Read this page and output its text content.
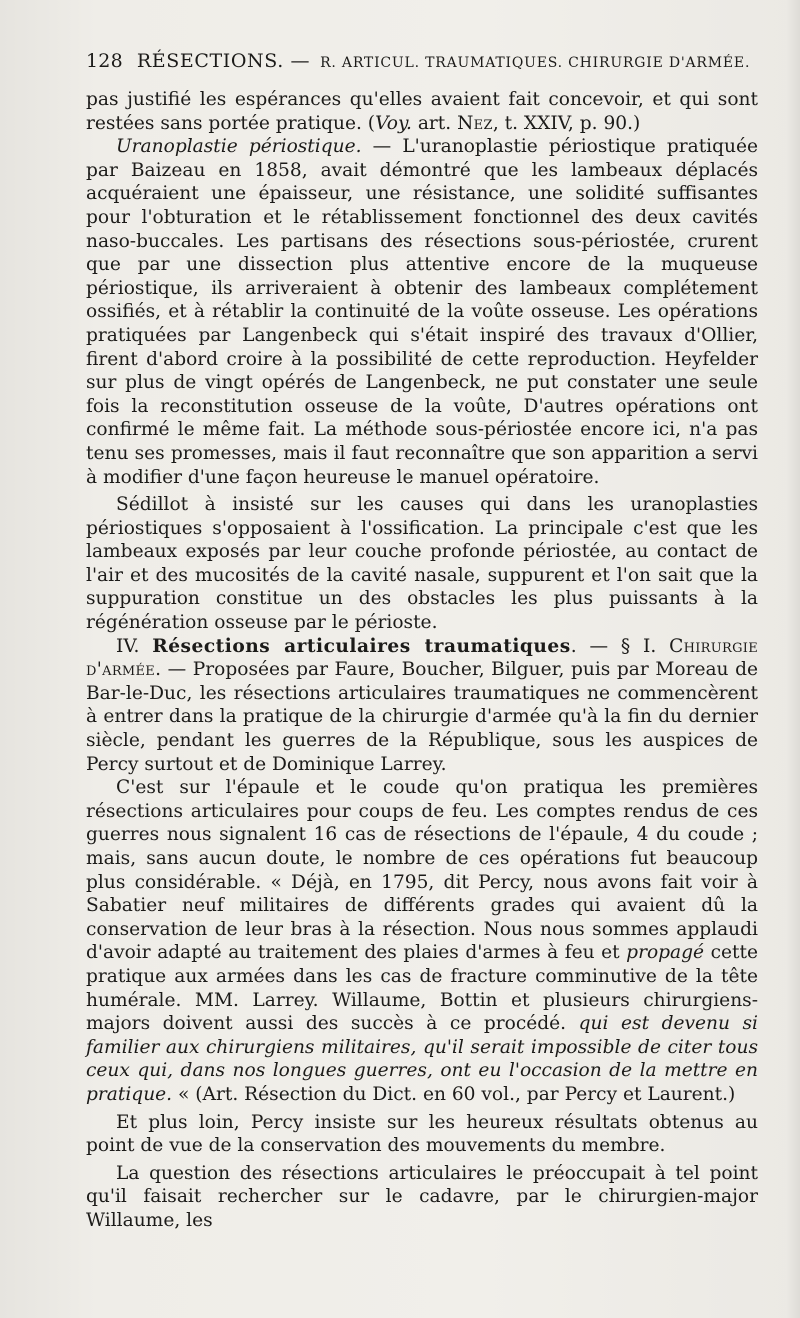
128 RÉSECTIONS. — R. ARTICUL. TRAUMATIQUES. CHIRURGIE D'ARMÉE.

pas justifié les espérances qu'elles avaient fait concevoir, et qui sont restées sans portée pratique. (Voy. art. Nez, t. XXIV, p. 90.)

Uranoplastie périostique. — L'uranoplastie périostique pratiquée par Baizeau en 1858, avait démontré que les lambeaux déplacés acquéraient une épaisseur, une résistance, une solidité suffisantes pour l'obturation et le rétablissement fonctionnel des deux cavités naso-buccales. Les partisans des résections sous-périostée, crurent que par une dissection plus attentive encore de la muqueuse périostique, ils arriveraient à obtenir des lambeaux complétement ossifiés, et à rétablir la continuité de la voûte osseuse. Les opérations pratiquées par Langenbeck qui s'était inspiré des travaux d'Ollier, firent d'abord croire à la possibilité de cette reproduction. Heyfelder sur plus de vingt opérés de Langenbeck, ne put constater une seule fois la reconstitution osseuse de la voûte, D'autres opérations ont confirmé le même fait. La méthode sous-périostée encore ici, n'a pas tenu ses promesses, mais il faut reconnaître que son apparition a servi à modifier d'une façon heureuse le manuel opératoire.

Sédillot à insisté sur les causes qui dans les uranoplasties périostiques s'opposaient à l'ossification. La principale c'est que les lambeaux exposés par leur couche profonde périostée, au contact de l'air et des mucosités de la cavité nasale, suppurent et l'on sait que la suppuration constitue un des obstacles les plus puissants à la régénération osseuse par le périoste.

IV. Résections articulaires traumatiques. — § I. Chirurgie d'armée. — Proposées par Faure, Boucher, Bilguer, puis par Moreau de Bar-le-Duc, les résections articulaires traumatiques ne commencèrent à entrer dans la pratique de la chirurgie d'armée qu'à la fin du dernier siècle, pendant les guerres de la République, sous les auspices de Percy surtout et de Dominique Larrey.

C'est sur l'épaule et le coude qu'on pratiqua les premières résections articulaires pour coups de feu. Les comptes rendus de ces guerres nous signalent 16 cas de résections de l'épaule, 4 du coude ; mais, sans aucun doute, le nombre de ces opérations fut beaucoup plus considérable. « Déjà, en 1795, dit Percy, nous avons fait voir à Sabatier neuf militaires de différents grades qui avaient dû la conservation de leur bras à la résection. Nous nous sommes applaudi d'avoir adapté au traitement des plaies d'armes à feu et propagé cette pratique aux armées dans les cas de fracture comminutive de la tête humérale. MM. Larrey. Willaume, Bottin et plusieurs chirurgiens-majors doivent aussi des succès à ce procédé. qui est devenu si familier aux chirurgiens militaires, qu'il serait impossible de citer tous ceux qui, dans nos longues guerres, ont eu l'occasion de la mettre en pratique. « (Art. Résection du Dict. en 60 vol., par Percy et Laurent.)

Et plus loin, Percy insiste sur les heureux résultats obtenus au point de vue de la conservation des mouvements du membre.

La question des résections articulaires le préoccupait à tel point qu'il faisait rechercher sur le cadavre, par le chirurgien-major Willaume, les
